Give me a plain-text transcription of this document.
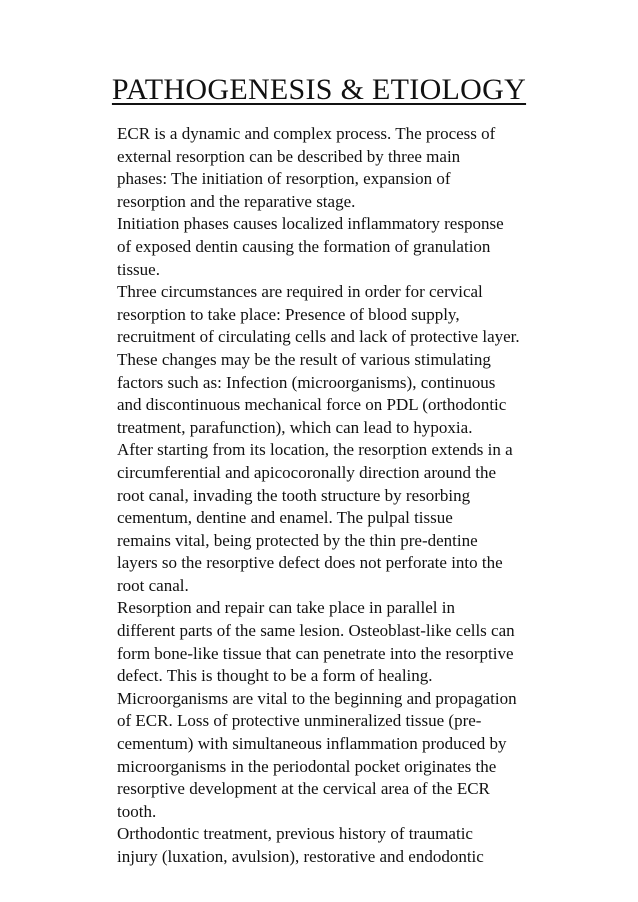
PATHOGENESIS & ETIOLOGY
ECR is a dynamic and complex process. The process of
external resorption can be described by three main
phases: The initiation of resorption, expansion of
resorption and the reparative stage.
Initiation phases causes localized inflammatory response
of exposed dentin causing the formation of granulation
tissue.
Three circumstances are required in order for cervical
resorption to take place: Presence of blood supply,
recruitment of circulating cells and lack of protective layer.
These changes may be the result of various stimulating
factors such as: Infection (microorganisms), continuous
and discontinuous mechanical force on PDL (orthodontic
treatment, parafunction), which can lead to hypoxia.
After starting from its location, the resorption extends in a
circumferential and apicocoronally direction around the
root canal, invading the tooth structure by resorbing
cementum, dentine and enamel. The pulpal tissue
remains vital, being protected by the thin pre-dentine
layers so the resorptive defect does not perforate into the
root canal.
Resorption and repair can take place in parallel in
different parts of the same lesion. Osteoblast-like cells can
form bone-like tissue that can penetrate into the resorptive
defect. This is thought to be a form of healing.
Microorganisms are vital to the beginning and propagation
of ECR. Loss of protective unmineralized tissue (pre-
cementum) with simultaneous inflammation produced by
microorganisms in the periodontal pocket originates the
resorptive development at the cervical area of the ECR
tooth.
Orthodontic treatment, previous history of traumatic
injury (luxation, avulsion), restorative and endodontic
